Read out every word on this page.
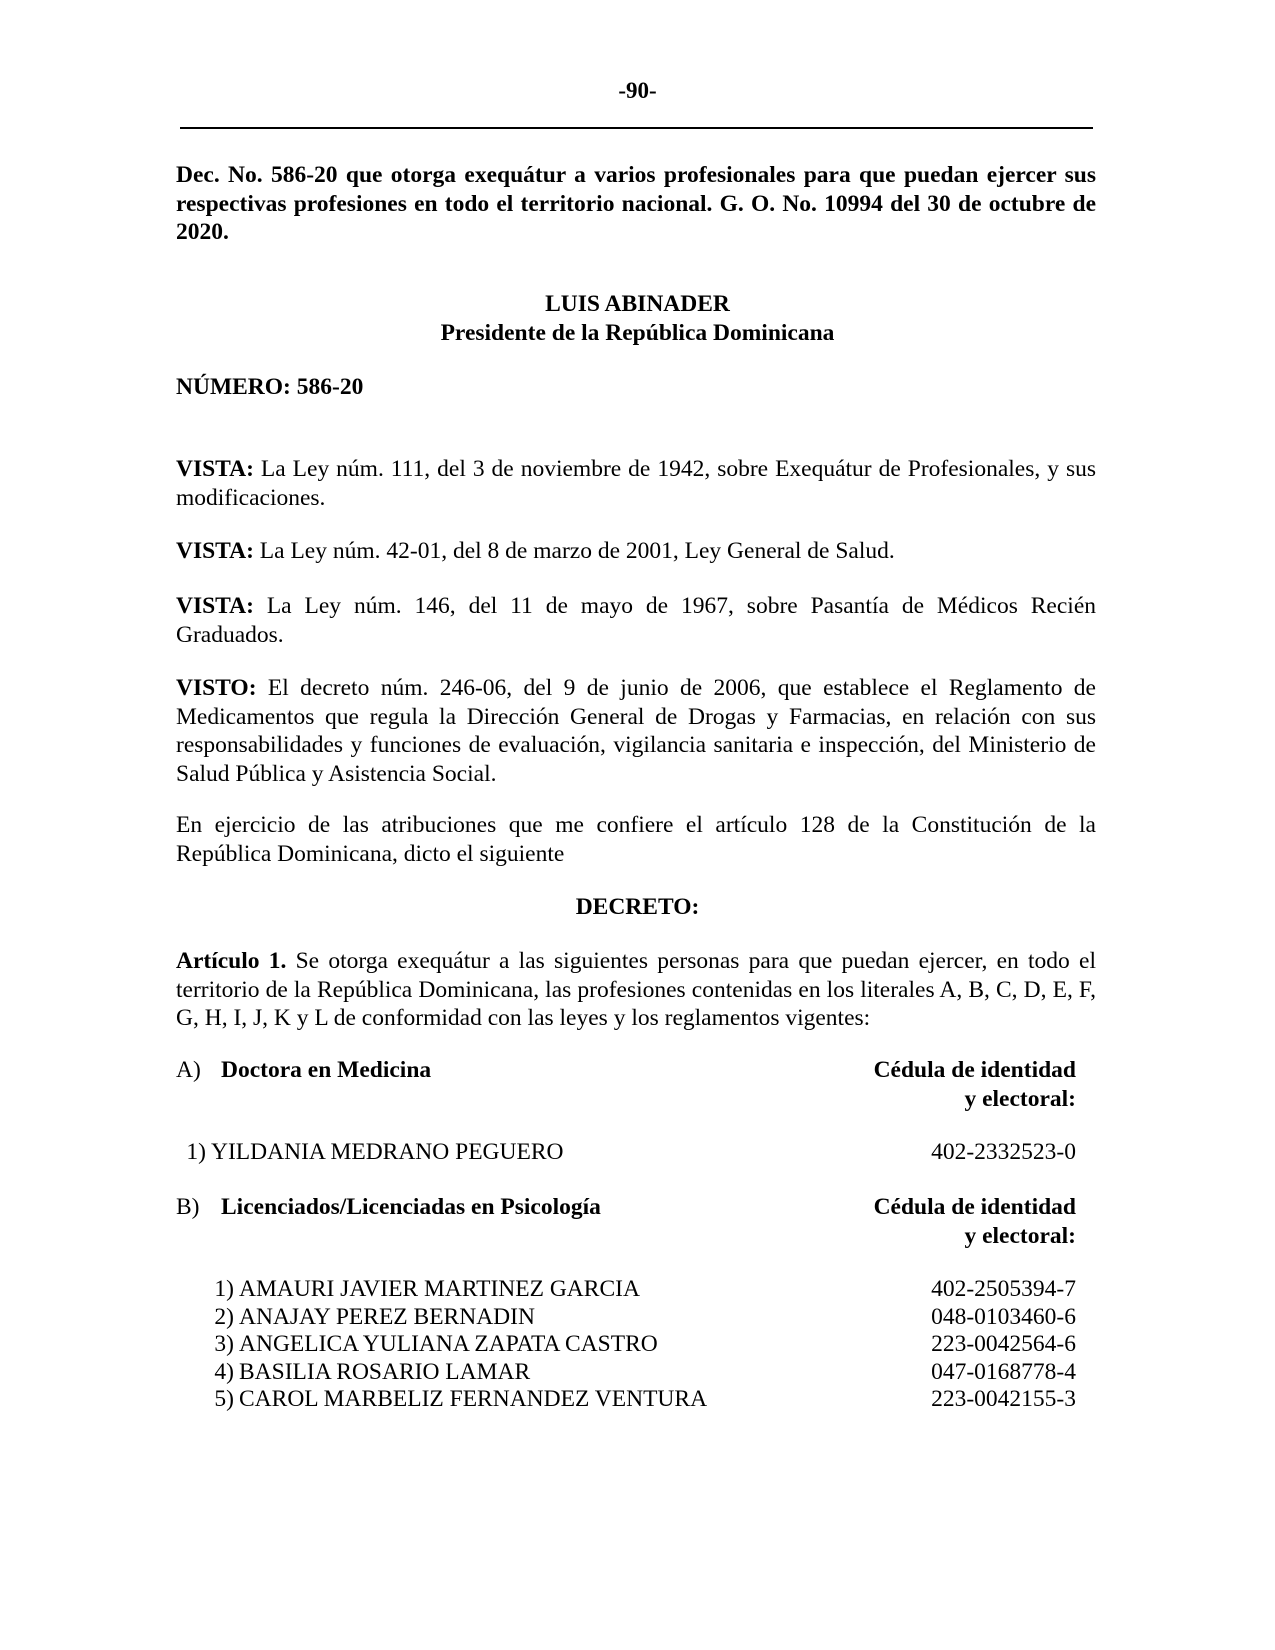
-90-
Dec. No. 586-20 que otorga exequátur a varios profesionales para que puedan ejercer sus respectivas profesiones en todo el territorio nacional. G. O. No. 10994 del 30 de octubre de 2020.
LUIS ABINADER
Presidente de la República Dominicana
NÚMERO: 586-20
VISTA: La Ley núm. 111, del 3 de noviembre de 1942, sobre Exequátur de Profesionales, y sus modificaciones.
VISTA: La Ley núm. 42-01, del 8 de marzo de 2001, Ley General de Salud.
VISTA: La Ley núm. 146, del 11 de mayo de 1967, sobre Pasantía de Médicos Recién Graduados.
VISTO: El decreto núm. 246-06, del 9 de junio de 2006, que establece el Reglamento de Medicamentos que regula la Dirección General de Drogas y Farmacias, en relación con sus responsabilidades y funciones de evaluación, vigilancia sanitaria e inspección, del Ministerio de Salud Pública y Asistencia Social.
En ejercicio de las atribuciones que me confiere el artículo 128 de la Constitución de la República Dominicana, dicto el siguiente
DECRETO:
Artículo 1. Se otorga exequátur a las siguientes personas para que puedan ejercer, en todo el territorio de la República Dominicana, las profesiones contenidas en los literales A, B, C, D, E, F, G, H, I, J, K y L de conformidad con las leyes y los reglamentos vigentes:
A) Doctora en Medicina	Cédula de identidad
y electoral:
1) YILDANIA MEDRANO PEGUERO	402-2332523-0
B) Licenciados/Licenciadas en Psicología	Cédula de identidad
y electoral:
1) AMAURI JAVIER MARTINEZ GARCIA	402-2505394-7
2) ANAJAY PEREZ BERNADIN	048-0103460-6
3) ANGELICA YULIANA ZAPATA CASTRO	223-0042564-6
4) BASILIA ROSARIO LAMAR	047-0168778-4
5) CAROL MARBELIZ FERNANDEZ VENTURA	223-0042155-3
